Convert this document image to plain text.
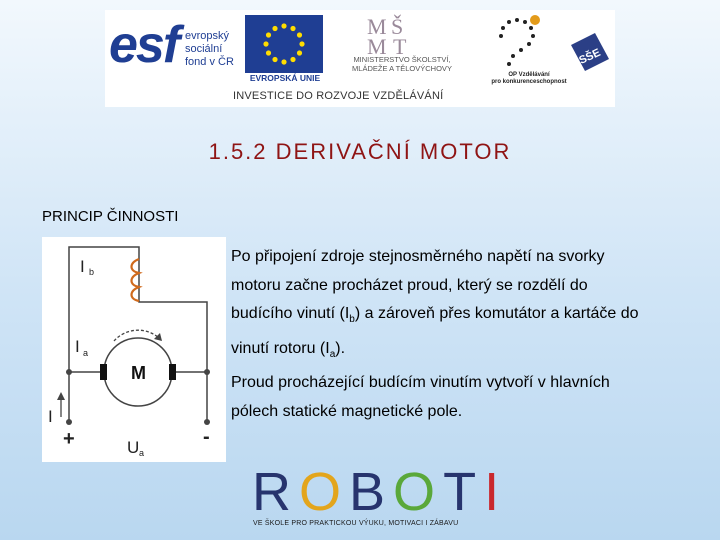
esf evropský
sociální
fond v ČR
EVROPSKÁ UNIE
M Š
M T
MINISTERSTVO ŠKOLSTVÍ,
MLÁDEŽE A TĚLOVÝCHOVY
OP Vzdělávání
pro konkurenceschopnost
SŠE
INVESTICE DO ROZVOJE VZDĚLÁVÁNÍ
1.5.2 DERIVAČNÍ MOTOR
PRINCIP ČINNOSTI
I b
I a
I
M
+	-
U a
Po připojení zdroje stejnosměrného napětí na svorky motoru začne procházet proud, který se rozdělí do budícího vinutí $(I_b)$ a zároveň přes komutátor a kartáče do vinutí rotoru $(I_a)$.
Proud procházející budícím vinutím vytvoří v hlavních pólech statické magnetické pole.
ROBOTI
VE ŠKOLE PRO PRAKTICKOU VÝUKU, MOTIVACI I ZÁBAVU
